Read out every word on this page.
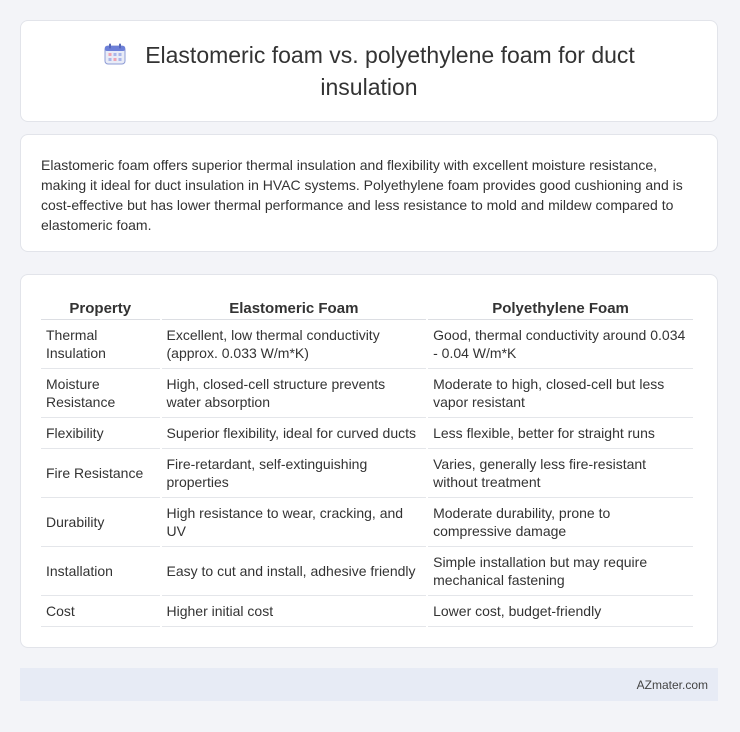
Elastomeric foam vs. polyethylene foam for duct insulation

Elastomeric foam offers superior thermal insulation and flexibility with excellent moisture resistance, making it ideal for duct insulation in HVAC systems. Polyethylene foam provides good cushioning and is cost-effective but has lower thermal performance and less resistance to mold and mildew compared to elastomeric foam.

Property	Elastomeric Foam	Polyethylene Foam
Thermal Insulation	Excellent, low thermal conductivity (approx. 0.033 W/m*K)	Good, thermal conductivity around 0.034 - 0.04 W/m*K
Moisture Resistance	High, closed-cell structure prevents water absorption	Moderate to high, closed-cell but less vapor resistant
Flexibility	Superior flexibility, ideal for curved ducts	Less flexible, better for straight runs
Fire Resistance	Fire-retardant, self-extinguishing properties	Varies, generally less fire-resistant without treatment
Durability	High resistance to wear, cracking, and UV	Moderate durability, prone to compressive damage
Installation	Easy to cut and install, adhesive friendly	Simple installation but may require mechanical fastening
Cost	Higher initial cost	Lower cost, budget-friendly
AZmater.com
